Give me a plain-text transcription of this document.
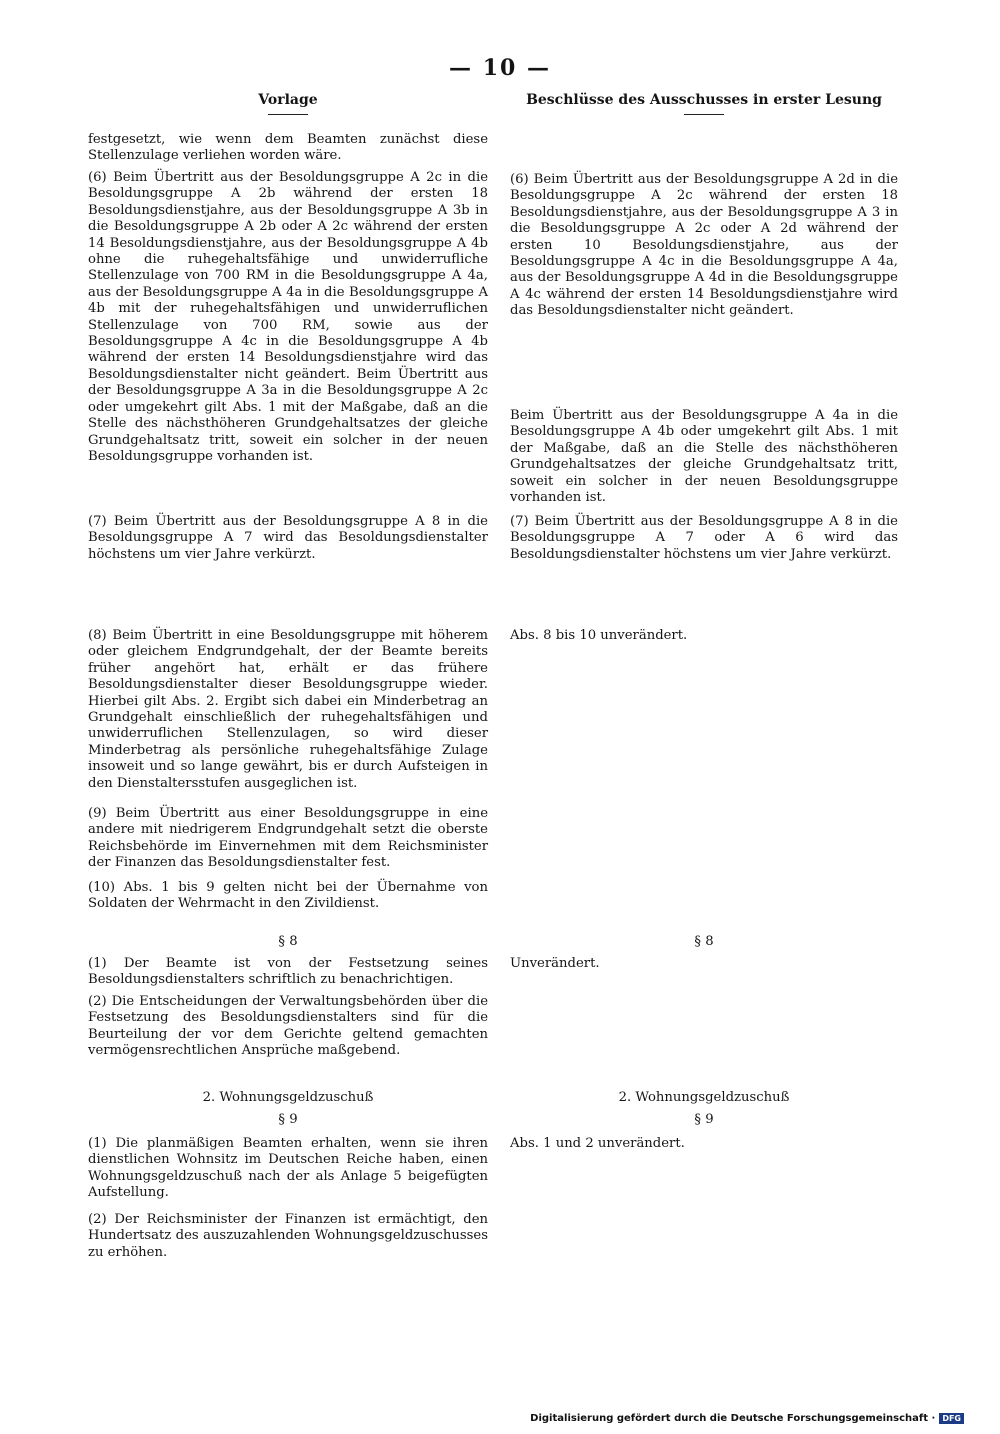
— 10 —
Vorlage	Beschlüsse des Ausschusses in erster Lesung

festgesetzt, wie wenn dem Beamten zunächst diese Stellenzulage verliehen worden wäre.

(6) Beim Übertritt aus der Besoldungsgruppe A 2c in die Besoldungsgruppe A 2b während der ersten 18 Besoldungsdienstjahre, aus der Besoldungsgruppe A 3b in die Besoldungsgruppe A 2b oder A 2c während der ersten 14 Besoldungsdienstjahre, aus der Besoldungsgruppe A 4b ohne die ruhegehaltsfähige und unwiderrufliche Stellenzulage von 700 RM in die Besoldungsgruppe A 4a, aus der Besoldungsgruppe A 4a in die Besoldungsgruppe A 4b mit der ruhegehaltsfähigen und unwiderruflichen Stellenzulage von 700 RM, sowie aus der Besoldungsgruppe A 4c in die Besoldungsgruppe A 4b während der ersten 14 Besoldungsdienstjahre wird das Besoldungsdienstalter nicht geändert. Beim Übertritt aus der Besoldungsgruppe A 3a in die Besoldungsgruppe A 2c oder umgekehrt gilt Abs. 1 mit der Maßgabe, daß an die Stelle des nächsthöheren Grundgehaltsatzes der gleiche Grundgehaltsatz tritt, soweit ein solcher in der neuen Besoldungsgruppe vorhanden ist.

(7) Beim Übertritt aus der Besoldungsgruppe A 8 in die Besoldungsgruppe A 7 wird das Besoldungsdienstalter höchstens um vier Jahre verkürzt.

(8) Beim Übertritt in eine Besoldungsgruppe mit höherem oder gleichem Endgrundgehalt, der der Beamte bereits früher angehört hat, erhält er das frühere Besoldungsdienstalter dieser Besoldungsgruppe wieder. Hierbei gilt Abs. 2. Ergibt sich dabei ein Minderbetrag an Grundgehalt einschließlich der ruhegehaltsfähigen und unwiderruflichen Stellenzulagen, so wird dieser Minderbetrag als persönliche ruhegehaltsfähige Zulage insoweit und so lange gewährt, bis er durch Aufsteigen in den Dienstaltersstufen ausgeglichen ist.

(9) Beim Übertritt aus einer Besoldungsgruppe in eine andere mit niedrigerem Endgrundgehalt setzt die oberste Reichsbehörde im Einvernehmen mit dem Reichsminister der Finanzen das Besoldungsdienstalter fest.

(10) Abs. 1 bis 9 gelten nicht bei der Übernahme von Soldaten der Wehrmacht in den Zivildienst.

§ 8

(1) Der Beamte ist von der Festsetzung seines Besoldungsdienstalters schriftlich zu benachrichtigen.

(2) Die Entscheidungen der Verwaltungsbehörden über die Festsetzung des Besoldungsdienstalters sind für die Beurteilung der vor dem Gerichte geltend gemachten vermögensrechtlichen Ansprüche maßgebend.

2. Wohnungsgeldzuschuß

§ 9

(1) Die planmäßigen Beamten erhalten, wenn sie ihren dienstlichen Wohnsitz im Deutschen Reiche haben, einen Wohnungsgeldzuschuß nach der als Anlage 5 beigefügten Aufstellung.

(2) Der Reichsminister der Finanzen ist ermächtigt, den Hundertsatz des auszuzahlenden Wohnungsgeldzuschusses zu erhöhen.

(6) Beim Übertritt aus der Besoldungsgruppe A 2d in die Besoldungsgruppe A 2c während der ersten 18 Besoldungsdienstjahre, aus der Besoldungsgruppe A 3 in die Besoldungsgruppe A 2c oder A 2d während der ersten 10 Besoldungsdienstjahre, aus der Besoldungsgruppe A 4c in die Besoldungsgruppe A 4a, aus der Besoldungsgruppe A 4d in die Besoldungsgruppe A 4c während der ersten 14 Besoldungsdienstjahre wird das Besoldungsdienstalter nicht geändert.

Beim Übertritt aus der Besoldungsgruppe A 4a in die Besoldungsgruppe A 4b oder umgekehrt gilt Abs. 1 mit der Maßgabe, daß an die Stelle des nächsthöheren Grundgehaltsatzes der gleiche Grundgehaltsatz tritt, soweit ein solcher in der neuen Besoldungsgruppe vorhanden ist.

(7) Beim Übertritt aus der Besoldungsgruppe A 8 in die Besoldungsgruppe A 7 oder A 6 wird das Besoldungsdienstalter höchstens um vier Jahre verkürzt.

Abs. 8 bis 10 unverändert.

§ 8

Unverändert.

2. Wohnungsgeldzuschuß

§ 9

Abs. 1 und 2 unverändert.

Digitalisierung gefördert durch die Deutsche Forschungsgemeinschaft · DFG
